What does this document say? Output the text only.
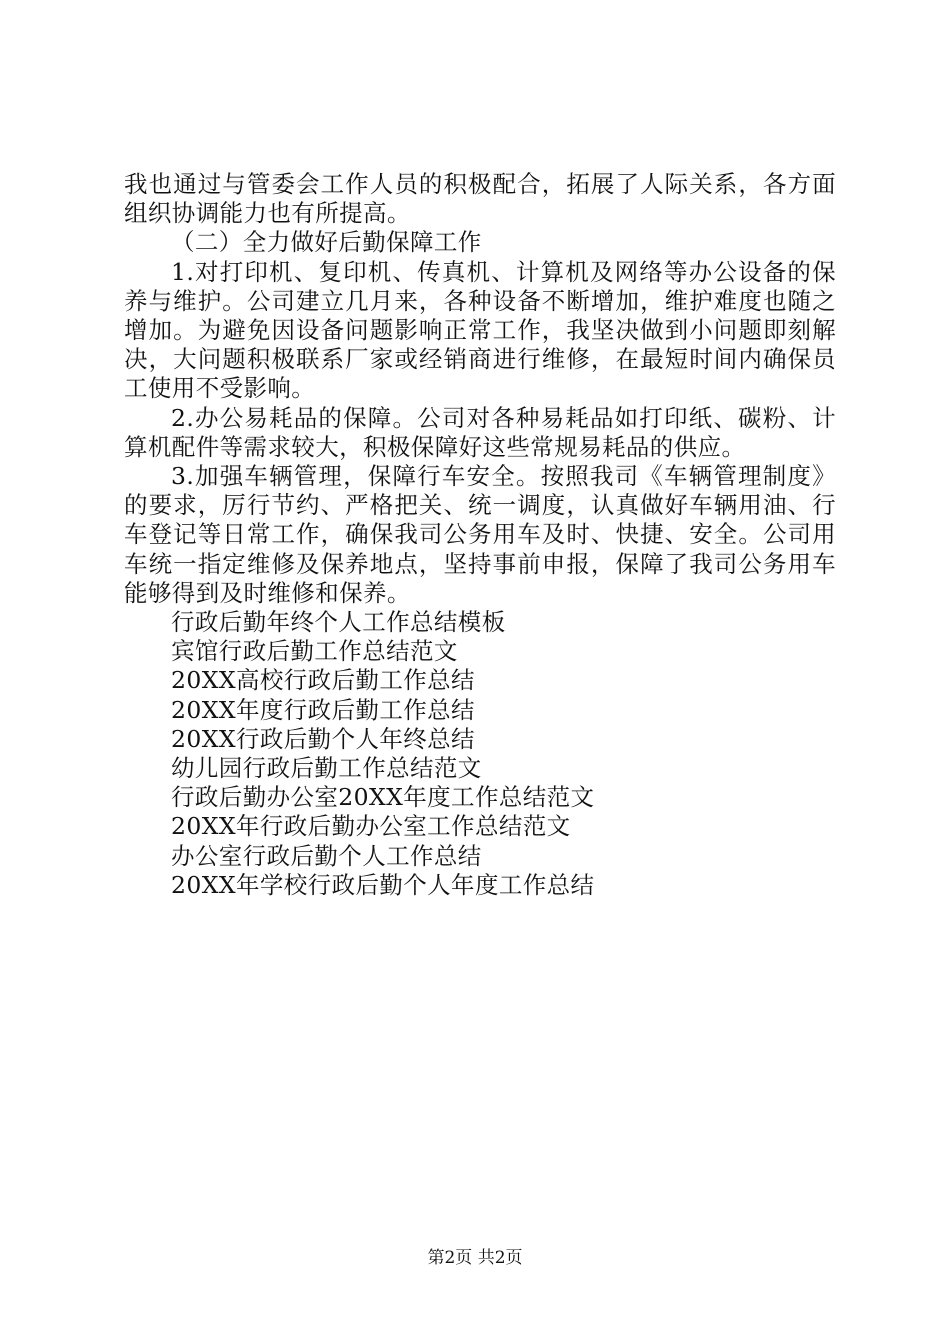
我也通过与管委会工作人员的积极配合，拓展了人际关系，各方面组织协调能力也有所提高。

（二）全力做好后勤保障工作

1.对打印机、复印机、传真机、计算机及网络等办公设备的保养与维护。公司建立几月来，各种设备不断增加，维护难度也随之增加。为避免因设备问题影响正常工作，我坚决做到小问题即刻解决，大问题积极联系厂家或经销商进行维修，在最短时间内确保员工使用不受影响。

2.办公易耗品的保障。公司对各种易耗品如打印纸、碳粉、计算机配件等需求较大，积极保障好这些常规易耗品的供应。

3.加强车辆管理，保障行车安全。按照我司《车辆管理制度》的要求，厉行节约、严格把关、统一调度，认真做好车辆用油、行车登记等日常工作，确保我司公务用车及时、快捷、安全。公司用车统一指定维修及保养地点，坚持事前申报，保障了我司公务用车能够得到及时维修和保养。

行政后勤年终个人工作总结模板
宾馆行政后勤工作总结范文
20XX高校行政后勤工作总结
20XX年度行政后勤工作总结
20XX行政后勤个人年终总结
幼儿园行政后勤工作总结范文
行政后勤办公室20XX年度工作总结范文
20XX年行政后勤办公室工作总结范文
办公室行政后勤个人工作总结
20XX年学校行政后勤个人年度工作总结
第2页 共2页
